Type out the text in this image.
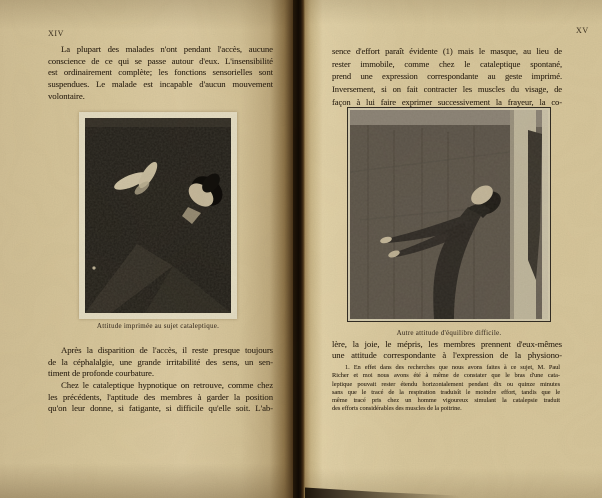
XIV
La plupart des malades n'ont pendant l'accès, aucune
conscience de ce qui se passe autour d'eux. L'insensibilité
est ordinairement complète; les fonctions sensorielles sont
suspendues. Le malade est incapable d'aucun mouvement
volontaire.
Attitude imprimée au sujet cataleptique.
Après la disparition de l'accès, il reste presque toujours
de la céphalalgie, une grande irritabilité des sens, un sen-
timent de profonde courbature.
Chez le cataleptique hypnotique on retrouve, comme chez
les précédents, l'aptitude des membres à garder la position
qu'on leur donne, si fatigante, si difficile qu'elle soit. L'ab-
XV
sence d'effort paraît évidente (1) mais le masque, au lieu de
rester immobile, comme chez le cataleptique spontané,
prend une expression correspondante au geste imprimé.
Inversement, si on fait contracter les muscles du visage, de
façon à lui faire exprimer successivement la frayeur, la co-
Autre attitude d'équilibre difficile.
lère, la joie, le mépris, les membres prennent d'eux-mêmes
une attitude correspondante à l'expression de la physiono-
1. En effet dans des recherches que nous avons faites à ce sujet, M. Paul
Richer et moi nous avons été à même de constater que le bras d'une cata-
leptique pouvait rester étendu horizontalement pendant dix ou quinze minutes
sans que le tracé de la respiration traduisît le moindre effort, tandis que le
même tracé pris chez un homme vigoureux simulant la catalepsie traduit
des efforts considérables des muscles de la poitrine.
